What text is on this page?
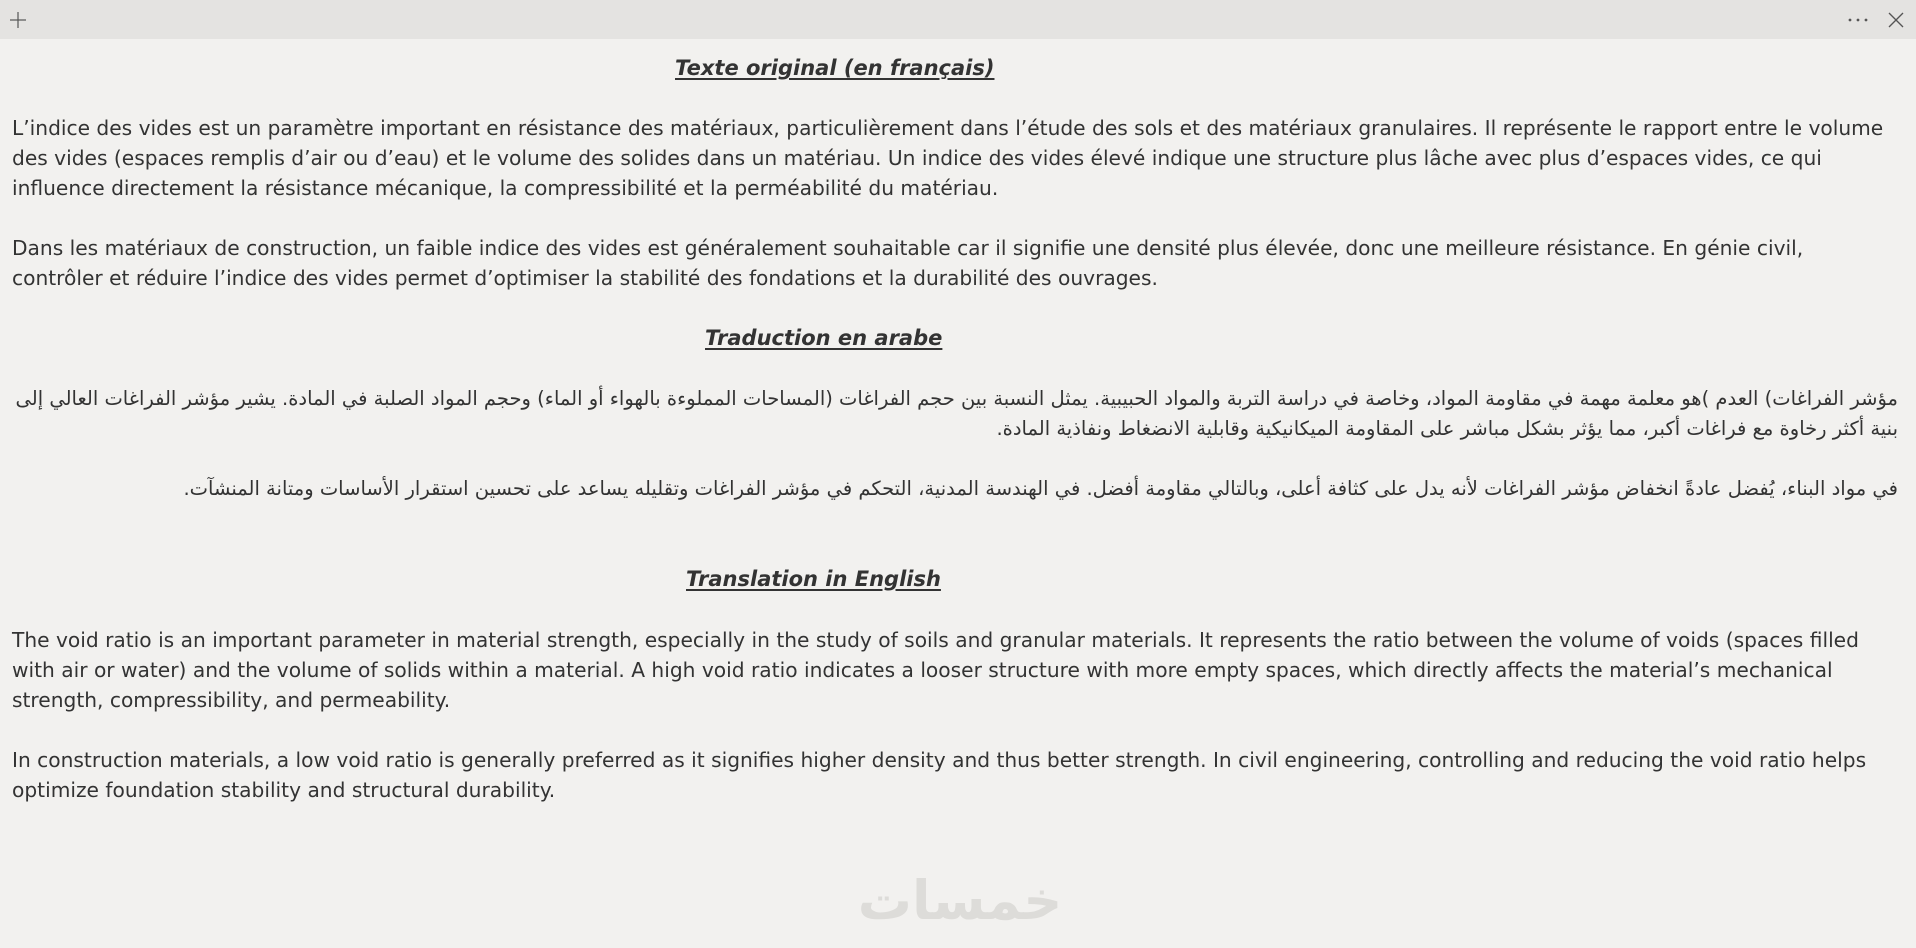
Texte original (en français)

L’indice des vides est un paramètre important en résistance des matériaux, particulièrement dans l’étude des sols et des matériaux granulaires. Il représente le rapport entre le volume des vides (espaces remplis d’air ou d’eau) et le volume des solides dans un matériau. Un indice des vides élevé indique une structure plus lâche avec plus d’espaces vides, ce qui influence directement la résistance mécanique, la compressibilité et la perméabilité du matériau.

Dans les matériaux de construction, un faible indice des vides est généralement souhaitable car il signifie une densité plus élevée, donc une meilleure résistance. En génie civil, contrôler et réduire l’indice des vides permet d’optimiser la stabilité des fondations et la durabilité des ouvrages.

Traduction en arabe

مؤشر الفراغات) العدم )هو معلمة مهمة في مقاومة المواد، وخاصة في دراسة التربة والمواد الحبيبية. يمثل النسبة بين حجم الفراغات (المساحات المملوءة بالهواء أو الماء) وحجم المواد الصلبة في المادة. يشير مؤشر الفراغات العالي إلى بنية أكثر رخاوة مع فراغات أكبر، مما يؤثر بشكل مباشر على المقاومة الميكانيكية وقابلية الانضغاط ونفاذية المادة.

في مواد البناء، يُفضل عادةً انخفاض مؤشر الفراغات لأنه يدل على كثافة أعلى، وبالتالي مقاومة أفضل. في الهندسة المدنية، التحكم في مؤشر الفراغات وتقليله يساعد على تحسين استقرار الأساسات ومتانة المنشآت.

Translation in English

The void ratio is an important parameter in material strength, especially in the study of soils and granular materials. It represents the ratio between the volume of voids (spaces filled with air or water) and the volume of solids within a material. A high void ratio indicates a looser structure with more empty spaces, which directly affects the material’s mechanical strength, compressibility, and permeability.

In construction materials, a low void ratio is generally preferred as it signifies higher density and thus better strength. In civil engineering, controlling and reducing the void ratio helps optimize foundation stability and structural durability.

خمسات
